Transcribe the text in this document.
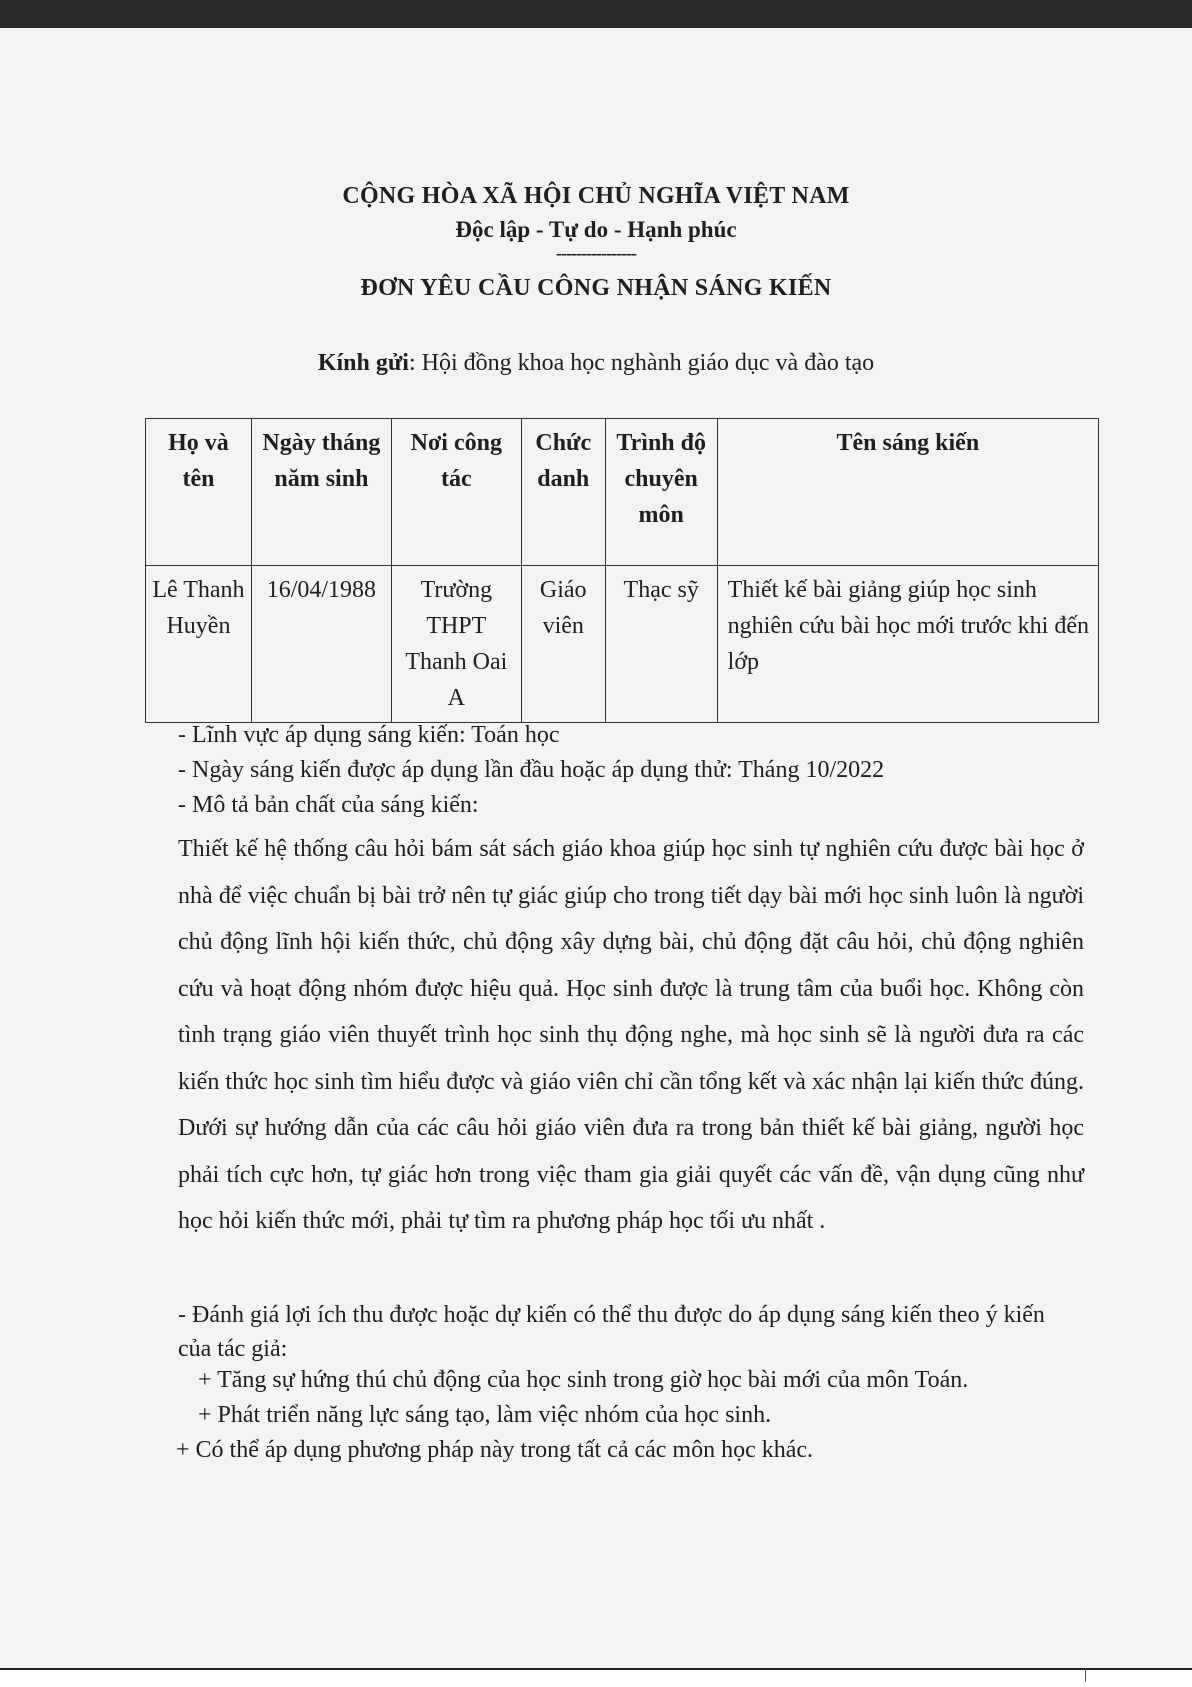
CỘNG HÒA XÃ HỘI CHỦ NGHĨA VIỆT NAM
Độc lập - Tự do - Hạnh phúc
----------------
ĐƠN YÊU CẦU CÔNG NHẬN SÁNG KIẾN
Kính gửi: Hội đồng khoa học nghành giáo dục và đào tạo
Họ và tên	Ngày tháng năm sinh	Nơi công tác	Chức danh	Trình độ chuyên môn	Tên sáng kiến
Lê Thanh Huyền	16/04/1988	Trường THPT Thanh Oai A	Giáo viên	Thạc sỹ	Thiết kế bài giảng giúp học sinh nghiên cứu bài học mới trước khi đến lớp
- Lĩnh vực áp dụng sáng kiến: Toán học
- Ngày sáng kiến được áp dụng lần đầu hoặc áp dụng thử: Tháng 10/2022
- Mô tả bản chất của sáng kiến:
Thiết kế hệ thống câu hỏi bám sát sách giáo khoa giúp học sinh tự nghiên cứu được bài học ở nhà để việc chuẩn bị bài trở nên tự giác giúp cho trong tiết dạy bài mới học sinh luôn là người chủ động lĩnh hội kiến thức, chủ động xây dựng bài, chủ động đặt câu hỏi, chủ động nghiên cứu và hoạt động nhóm được hiệu quả. Học sinh được là trung tâm của buổi học. Không còn tình trạng giáo viên thuyết trình học sinh thụ động nghe, mà học sinh sẽ là người đưa ra các kiến thức học sinh tìm hiểu được và giáo viên chỉ cần tổng kết và xác nhận lại kiến thức đúng. Dưới sự hướng dẫn của các câu hỏi giáo viên đưa ra trong bản thiết kế bài giảng, người học phải tích cực hơn, tự giác hơn trong việc tham gia giải quyết các vấn đề, vận dụng cũng như học hỏi kiến thức mới, phải tự tìm ra phương pháp học tối ưu nhất .
- Đánh giá lợi ích thu được hoặc dự kiến có thể thu được do áp dụng sáng kiến theo ý kiến của tác giả:
+ Tăng sự hứng thú chủ động của học sinh trong giờ học bài mới của môn Toán.
+ Phát triển năng lực sáng tạo, làm việc nhóm của học sinh.
+ Có thể áp dụng phương pháp này trong tất cả các môn học khác.
